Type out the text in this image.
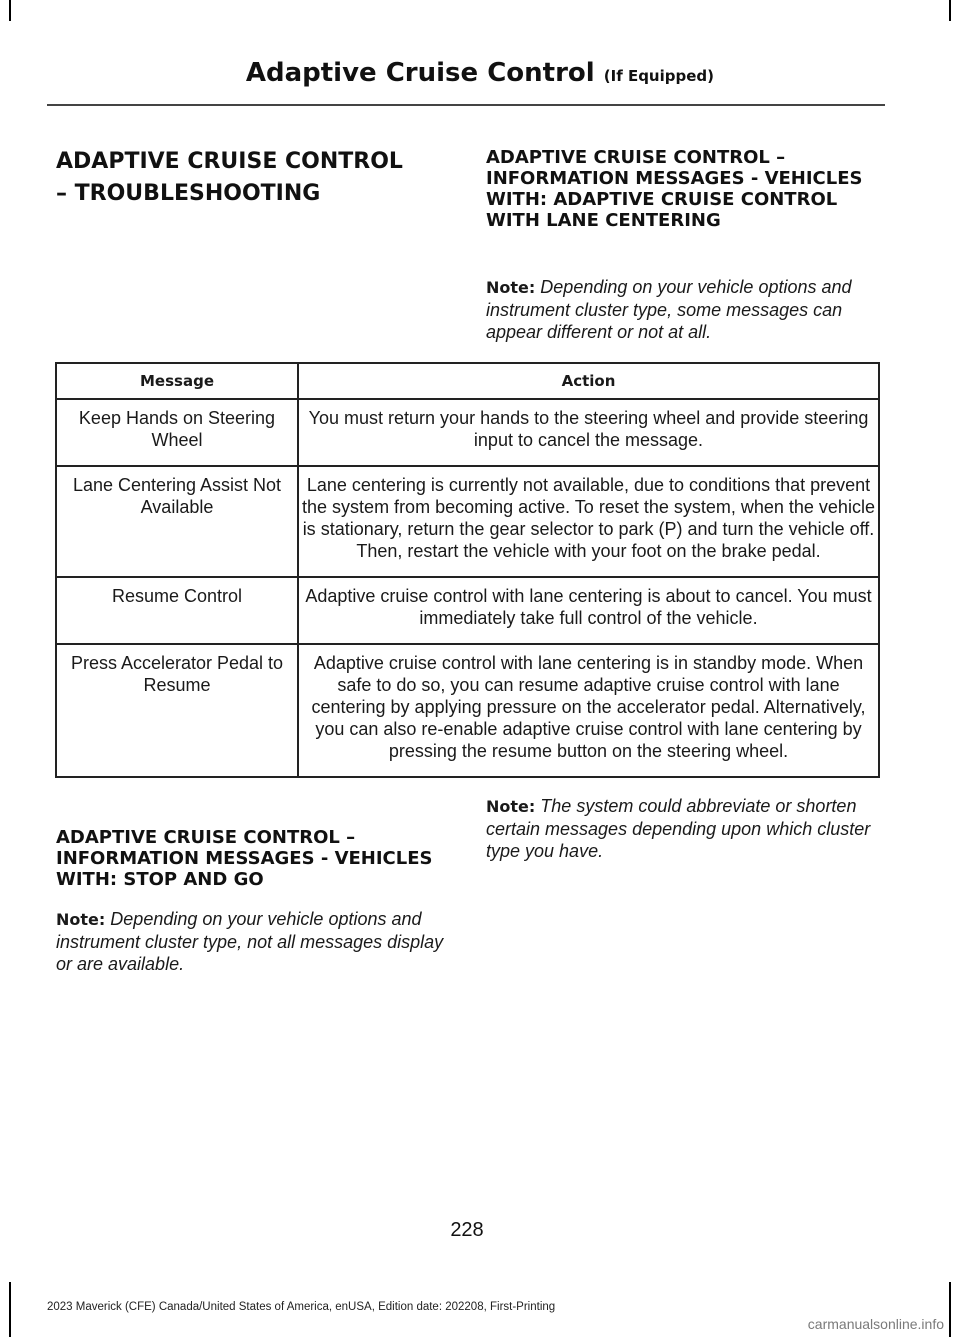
Adaptive Cruise Control (If Equipped)
ADAPTIVE CRUISE CONTROL
– TROUBLESHOOTING
ADAPTIVE CRUISE CONTROL – INFORMATION MESSAGES - VEHICLES WITH: ADAPTIVE CRUISE CONTROL WITH LANE CENTERING
Note: Depending on your vehicle options and instrument cluster type, some messages can appear different or not at all.
Message	Action
Keep Hands on Steering Wheel	You must return your hands to the steering wheel and provide steering input to cancel the message.
Lane Centering Assist Not Available	Lane centering is currently not available, due to conditions that prevent the system from becoming active. To reset the system, when the vehicle is stationary, return the gear selector to park (P) and turn the vehicle off. Then, restart the vehicle with your foot on the brake pedal.
Resume Control	Adaptive cruise control with lane centering is about to cancel. You must immediately take full control of the vehicle.
Press Accelerator Pedal to Resume	Adaptive cruise control with lane centering is in standby mode. When safe to do so, you can resume adaptive cruise control with lane centering by applying pressure on the accelerator pedal. Alternatively, you can also re-enable adaptive cruise control with lane centering by pressing the resume button on the steering wheel.
ADAPTIVE CRUISE CONTROL – INFORMATION MESSAGES - VEHICLES WITH: STOP AND GO
Note: Depending on your vehicle options and instrument cluster type, not all messages display or are available.
Note: The system could abbreviate or shorten certain messages depending upon which cluster type you have.
228
2023 Maverick (CFE) Canada/United States of America, enUSA, Edition date: 202208, First-Printing
carmanualsonline.info
